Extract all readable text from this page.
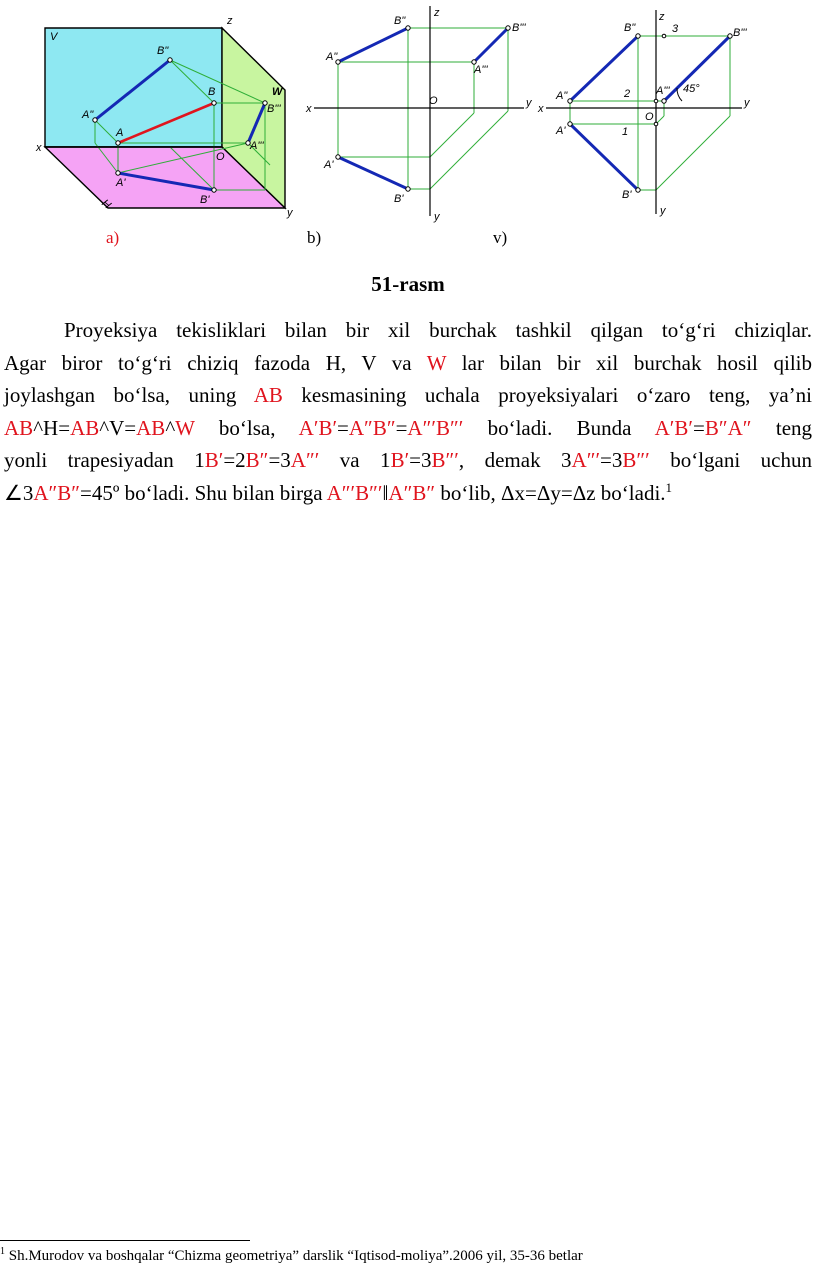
V
W
H
x
z
y
O
B"
A"
B
A
A'
B'
A'''
B''' x	y
z
y
O
A"
B"
A'
B'
A'''
B'''
x	y
z
y
O
A"
B"
A'
B'
A'''
B'''
1
2
3
45°
a)	b)	v)
51-rasm
Proyeksiya tekisliklari bilan bir xil burchak tashkil qilgan to‘g‘ri chiziqlar.
Agar biror to‘g‘ri chiziq fazoda H, V va W lar bilan bir xil burchak hosil qilib
joylashgan bo‘lsa, uning AB kesmasining uchala proyeksiyalari o‘zaro teng, ya’ni
AB^H=AB^V=AB^W bo‘lsa, A′B′=A″B″=A″′B″′ bo‘ladi. Bunda A′B′=B″A″ teng
yonli trapesiyadan 1B′=2B″=3A″′ va 1B′=3B″′, demak 3A″′=3B″′ bo‘lgani uchun
∠3A″B″=45º bo‘ladi. Shu bilan birga A″′B″′‖A″B″ bo‘lib, Δx=Δy=Δz bo‘ladi.$^1$
$^1$ Sh.Murodov va boshqalar “Chizma geometriya” darslik “Iqtisod-moliya”.2006 yil, 35-36 betlar
